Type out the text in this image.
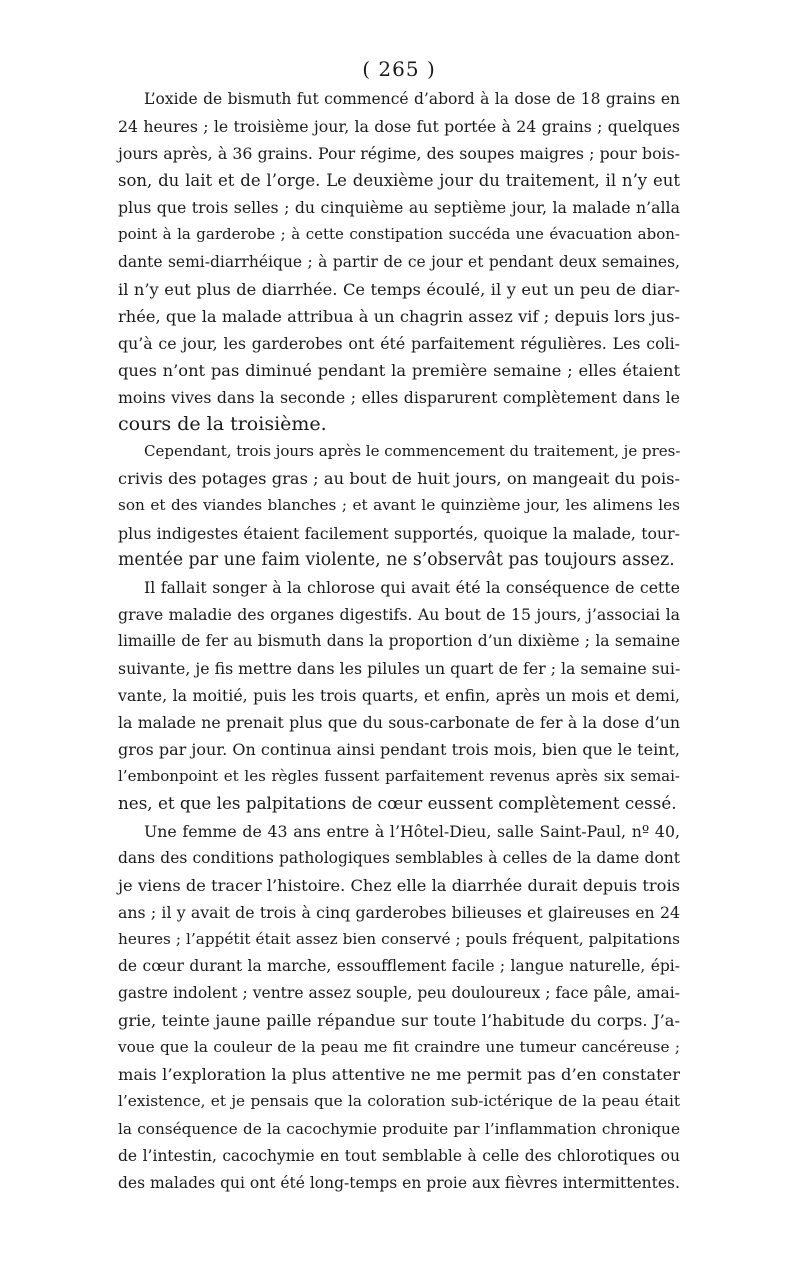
( 265 )
L’oxide de bismuth fut commencé d’abord à la dose de 18 grains en
24 heures ; le troisième jour, la dose fut portée à 24 grains ; quelques
jours après, à 36 grains. Pour régime, des soupes maigres ; pour bois-
son, du lait et de l’orge. Le deuxième jour du traitement, il n’y eut
plus que trois selles ; du cinquième au septième jour, la malade n’alla
point à la garderobe ; à cette constipation succéda une évacuation abon-
dante semi-diarrhéique ; à partir de ce jour et pendant deux semaines,
il n’y eut plus de diarrhée. Ce temps écoulé, il y eut un peu de diar-
rhée, que la malade attribua à un chagrin assez vif ; depuis lors jus-
qu’à ce jour, les garderobes ont été parfaitement régulières. Les coli-
ques n’ont pas diminué pendant la première semaine ; elles étaient
moins vives dans la seconde ; elles disparurent complètement dans le
cours de la troisième.
Cependant, trois jours après le commencement du traitement, je pres-
crivis des potages gras ; au bout de huit jours, on mangeait du pois-
son et des viandes blanches ; et avant le quinzième jour, les alimens les
plus indigestes étaient facilement supportés, quoique la malade, tour-
mentée par une faim violente, ne s’observât pas toujours assez.
Il fallait songer à la chlorose qui avait été la conséquence de cette
grave maladie des organes digestifs. Au bout de 15 jours, j’associai la
limaille de fer au bismuth dans la proportion d’un dixième ; la semaine
suivante, je fis mettre dans les pilules un quart de fer ; la semaine sui-
vante, la moitié, puis les trois quarts, et enfin, après un mois et demi,
la malade ne prenait plus que du sous-carbonate de fer à la dose d’un
gros par jour. On continua ainsi pendant trois mois, bien que le teint,
l’embonpoint et les règles fussent parfaitement revenus après six semai-
nes, et que les palpitations de cœur eussent complètement cessé.
Une femme de 43 ans entre à l’Hôtel-Dieu, salle Saint-Paul, nº 40,
dans des conditions pathologiques semblables à celles de la dame dont
je viens de tracer l’histoire. Chez elle la diarrhée durait depuis trois
ans ; il y avait de trois à cinq garderobes bilieuses et glaireuses en 24
heures ; l’appétit était assez bien conservé ; pouls fréquent, palpitations
de cœur durant la marche, essoufflement facile ; langue naturelle, épi-
gastre indolent ; ventre assez souple, peu douloureux ; face pâle, amai-
grie, teinte jaune paille répandue sur toute l’habitude du corps. J’a-
voue que la couleur de la peau me fit craindre une tumeur cancéreuse ;
mais l’exploration la plus attentive ne me permit pas d’en constater
l’existence, et je pensais que la coloration sub-ictérique de la peau était
la conséquence de la cacochymie produite par l’inflammation chronique
de l’intestin, cacochymie en tout semblable à celle des chlorotiques ou
des malades qui ont été long-temps en proie aux fièvres intermittentes.
